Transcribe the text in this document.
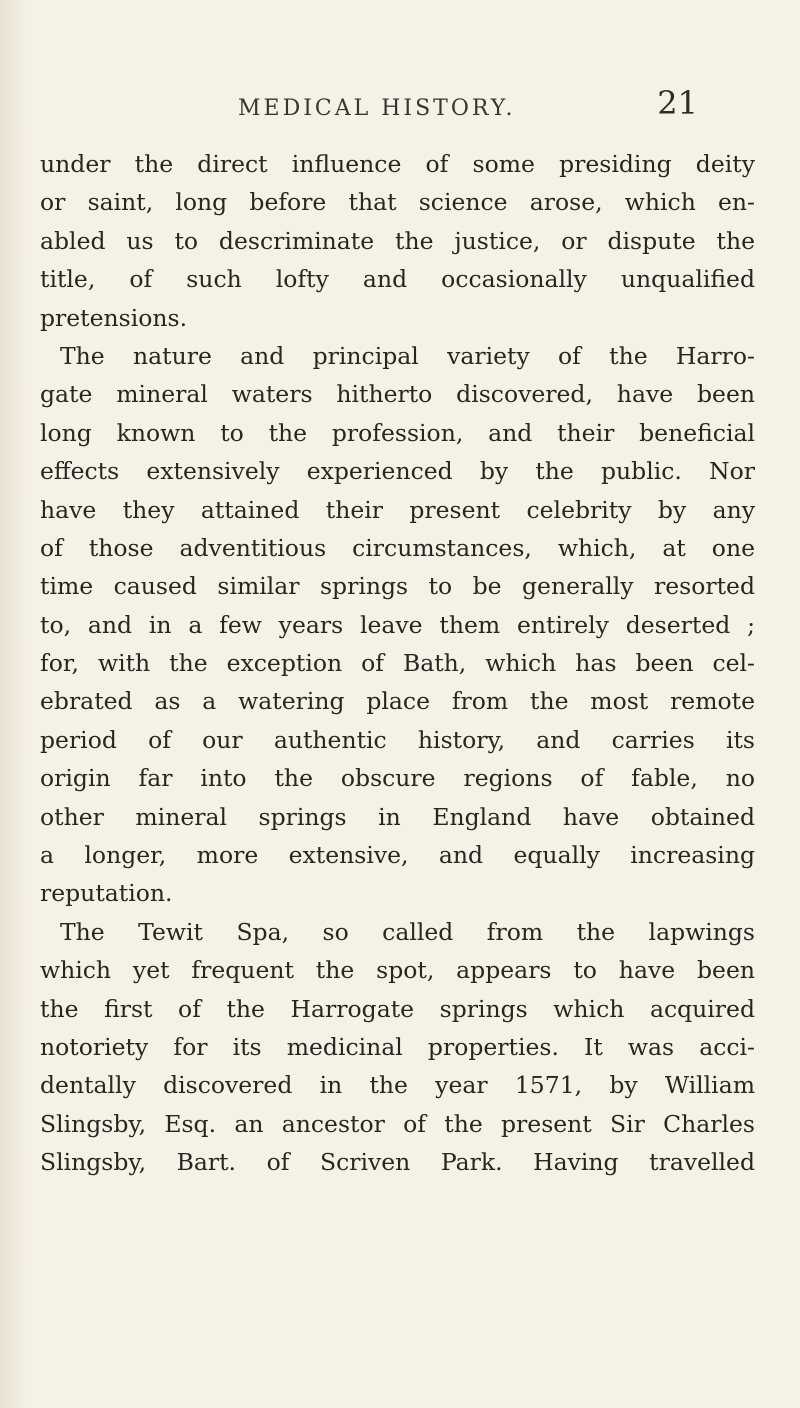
MEDICAL HISTORY.	21
under the direct influence of some presiding deity
or saint, long before that science arose, which en-
abled us to descriminate the justice, or dispute the
title, of such lofty and occasionally unqualified
pretensions.
The nature and principal variety of the Harro-
gate mineral waters hitherto discovered, have been
long known to the profession, and their beneficial
effects extensively experienced by the public. Nor
have they attained their present celebrity by any
of those adventitious circumstances, which, at one
time caused similar springs to be generally resorted
to, and in a few years leave them entirely deserted ;
for, with the exception of Bath, which has been cel-
ebrated as a watering place from the most remote
period of our authentic history, and carries its
origin far into the obscure regions of fable, no
other mineral springs in England have obtained
a longer, more extensive, and equally increasing
reputation.
The Tewit Spa, so called from the lapwings
which yet frequent the spot, appears to have been
the first of the Harrogate springs which acquired
notoriety for its medicinal properties. It was acci-
dentally discovered in the year 1571, by William
Slingsby, Esq. an ancestor of the present Sir Charles
Slingsby, Bart. of Scriven Park. Having travelled
